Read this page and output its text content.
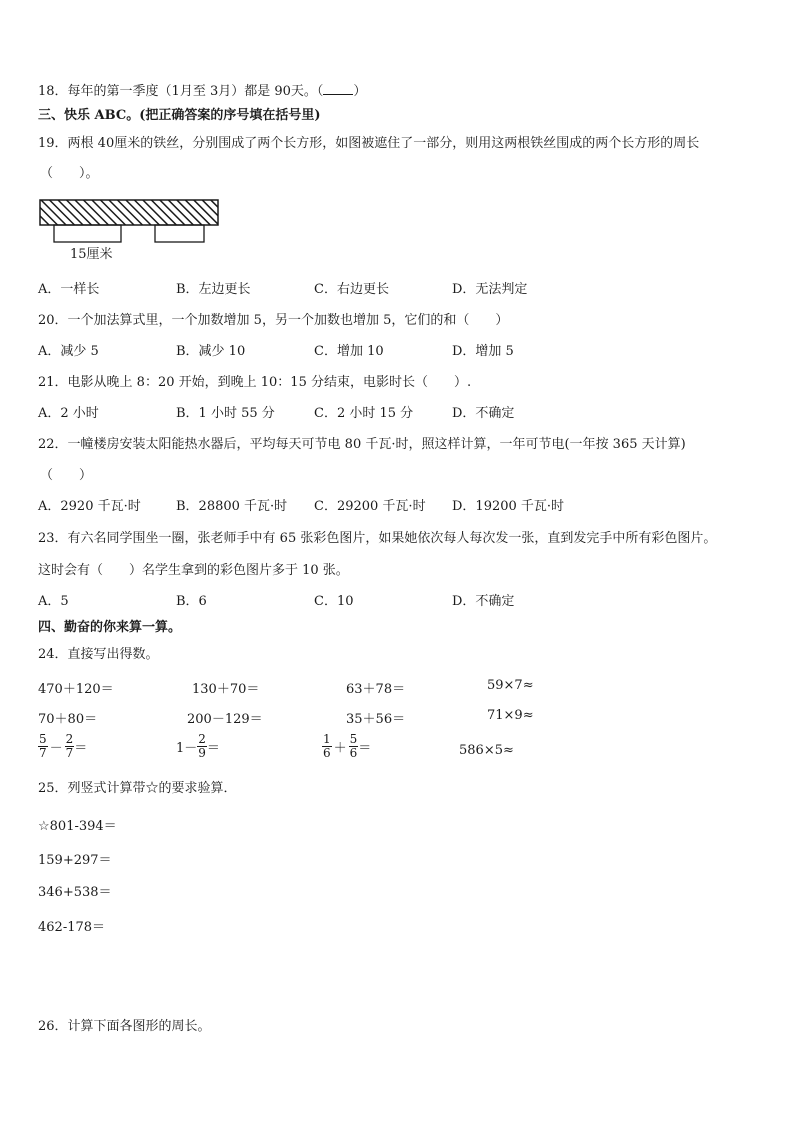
18．每年的第一季度（1月至 3月）都是 90天。（ ）
三、快乐 ABC。(把正确答案的序号填在括号里)
19．两根 40厘米的铁丝，分别围成了两个长方形，如图被遮住了一部分，则用这两根铁丝围成的两个长方形的周长
（　　）。
15厘米
A．一样长	B．左边更长	C．右边更长	D．无法判定
20．一个加法算式里，一个加数增加 5，另一个加数也增加 5，它们的和（　　）
A．减少 5	B．减少 10	C．增加 10	D．增加 5
21．电影从晚上 8：20 开始，到晚上 10：15 分结束，电影时长（　　）.
A．2 小时	B．1 小时 55 分	C．2 小时 15 分	D．不确定
22．一幢楼房安装太阳能热水器后，平均每天可节电 80 千瓦·时，照这样计算，一年可节电(一年按 365 天计算)
（　　）
A．2920 千瓦·时	B．28800 千瓦·时 C．29200 千瓦·时 D．19200 千瓦·时
23．有六名同学围坐一圈，张老师手中有 65 张彩色图片，如果她依次每人每次发一张，直到发完手中所有彩色图片。
这时会有（　　）名学生拿到的彩色图片多于 10 张。
A．5	B．6	C．10	D．不确定
四、勤奋的你来算一算。
24．直接写出得数。
470＋120＝	130＋70＝	63＋78＝	59×7≈
70＋80＝	200－129＝	35＋56＝	71×9≈
$\frac{5}{7} - \frac{2}{7}$ ＝	$1- \frac{2}{9}$ ＝	$\frac{1}{6} + \frac{5}{6}$ ＝	586×5≈
25．列竖式计算带☆的要求验算．
☆801-394＝
159+297＝
346+538＝
462-178＝
26．计算下面各图形的周长。
